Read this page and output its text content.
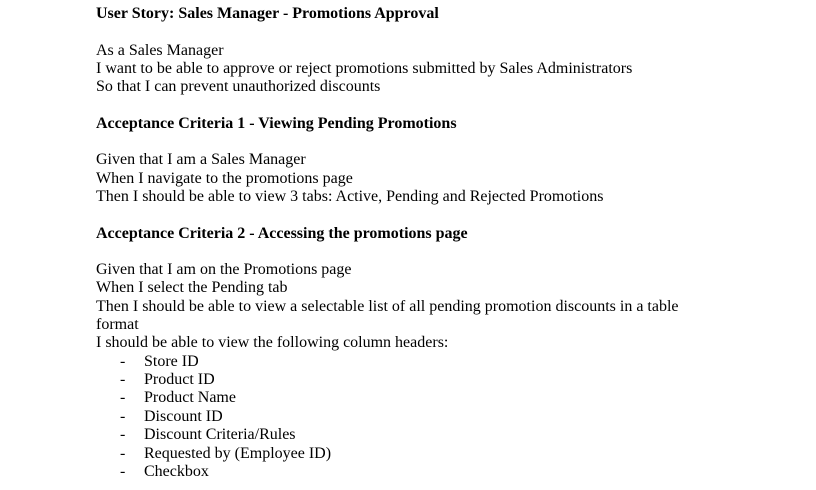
User Story: Sales Manager - Promotions Approval

As a Sales Manager

I want to be able to approve or reject promotions submitted by Sales Administrators

So that I can prevent unauthorized discounts

Acceptance Criteria 1 - Viewing Pending Promotions

Given that I am a Sales Manager

When I navigate to the promotions page

Then I should be able to view 3 tabs: Active, Pending and Rejected Promotions

Acceptance Criteria 2 - Accessing the promotions page

Given that I am on the Promotions page

When I select the Pending tab

Then I should be able to view a selectable list of all pending promotion discounts in a table format

I should be able to view the following column headers:

- Store ID
- Product ID
- Product Name
- Discount ID
- Discount Criteria/Rules
- Requested by (Employee ID)
- Checkbox
